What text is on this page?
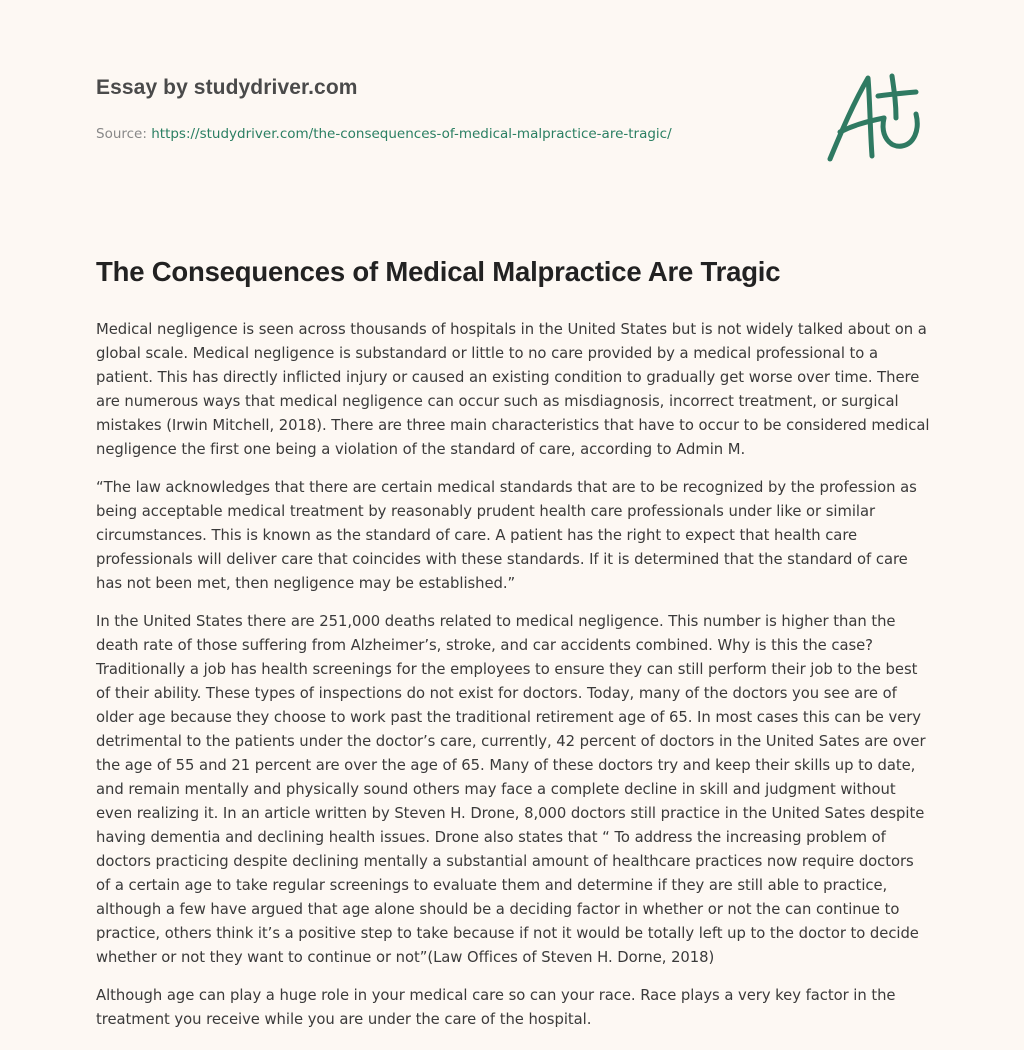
Essay by studydriver.com
Source: https://studydriver.com/the-consequences-of-medical-malpractice-are-tragic/
The Consequences of Medical Malpractice Are Tragic

Medical negligence is seen across thousands of hospitals in the United States but is not widely talked about on a global scale. Medical negligence is substandard or little to no care provided by a medical professional to a patient. This has directly inflicted injury or caused an existing condition to gradually get worse over time. There are numerous ways that medical negligence can occur such as misdiagnosis, incorrect treatment, or surgical mistakes (Irwin Mitchell, 2018). There are three main characteristics that have to occur to be considered medical negligence the first one being a violation of the standard of care, according to Admin M.

“The law acknowledges that there are certain medical standards that are to be recognized by the profession as being acceptable medical treatment by reasonably prudent health care professionals under like or similar circumstances. This is known as the standard of care. A patient has the right to expect that health care professionals will deliver care that coincides with these standards. If it is determined that the standard of care has not been met, then negligence may be established.”

In the United States there are 251,000 deaths related to medical negligence. This number is higher than the death rate of those suffering from Alzheimer’s, stroke, and car accidents combined. Why is this the case? Traditionally a job has health screenings for the employees to ensure they can still perform their job to the best of their ability. These types of inspections do not exist for doctors. Today, many of the doctors you see are of older age because they choose to work past the traditional retirement age of 65. In most cases this can be very detrimental to the patients under the doctor’s care, currently, 42 percent of doctors in the United Sates are over the age of 55 and 21 percent are over the age of 65. Many of these doctors try and keep their skills up to date, and remain mentally and physically sound others may face a complete decline in skill and judgment without even realizing it. In an article written by Steven H. Drone, 8,000 doctors still practice in the United Sates despite having dementia and declining health issues. Drone also states that “ To address the increasing problem of doctors practicing despite declining mentally a substantial amount of healthcare practices now require doctors of a certain age to take regular screenings to evaluate them and determine if they are still able to practice, although a few have argued that age alone should be a deciding factor in whether or not the can continue to practice, others think it’s a positive step to take because if not it would be totally left up to the doctor to decide whether or not they want to continue or not”(Law Offices of Steven H. Dorne, 2018)

Although age can play a huge role in your medical care so can your race. Race plays a very key factor in the treatment you receive while you are under the care of the hospital.
